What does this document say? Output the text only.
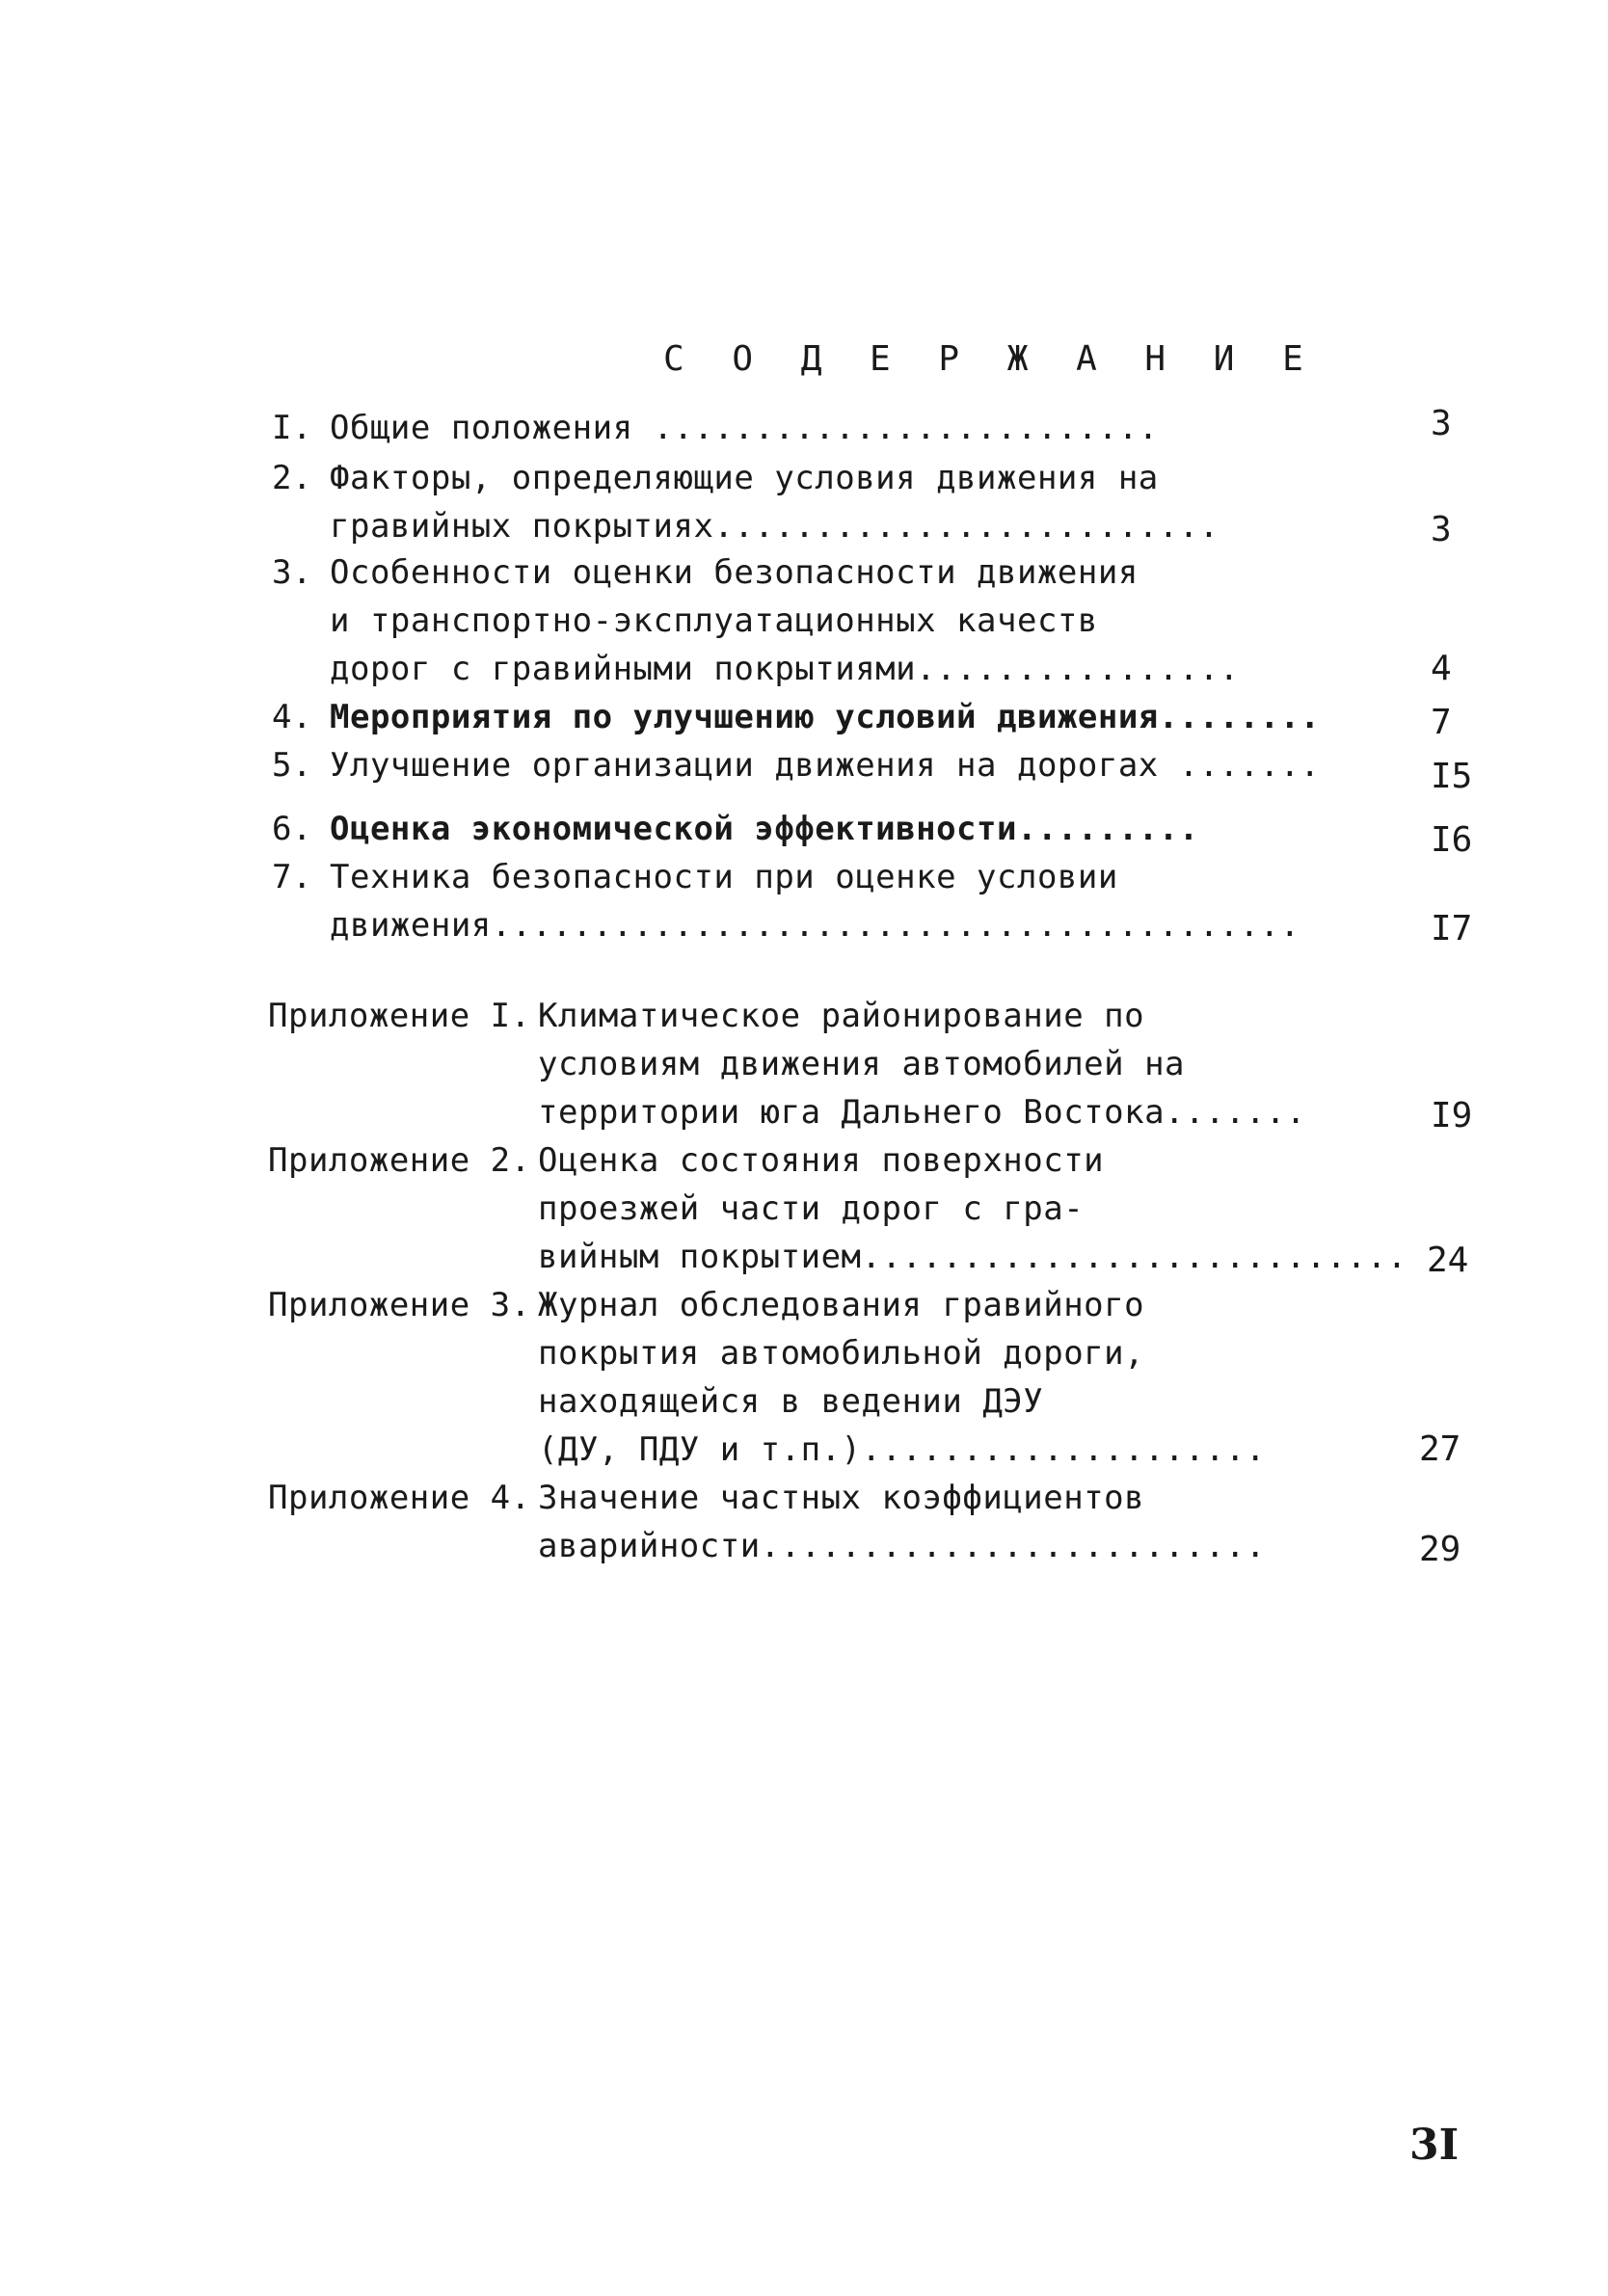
С О Д Е Р Ж А Н И Е
I. Общие положения .........................	3
2. Факторы, определяющие условия движения на
гравийных покрытиях.........................	3
3. Особенности оценки безопасности движения
и транспортно-эксплуатационных качеств
дорог с гравийными покрытиями................	4
4. Мероприятия по улучшению условий движения........	7
5. Улучшение организации движения на дорогах .......	I5
6. Оценка экономической эффективности.........	I6
7. Техника безопасности при оценке условии
движения........................................	I7
Приложение I. Климатическое районирование по
условиям движения автомобилей на
территории юга Дальнего Востока.......	I9
Приложение 2. Оценка состояния поверхности
проезжей части дорог с гра-
вийным покрытием........................... 24
Приложение 3. Журнал обследования гравийного
покрытия автомобильной дороги,
находящейся в ведении ДЭУ
(ДУ, ПДУ и т.п.)....................	27
Приложение 4. Значение частных коэффициентов
аварийности.........................	29
3I
